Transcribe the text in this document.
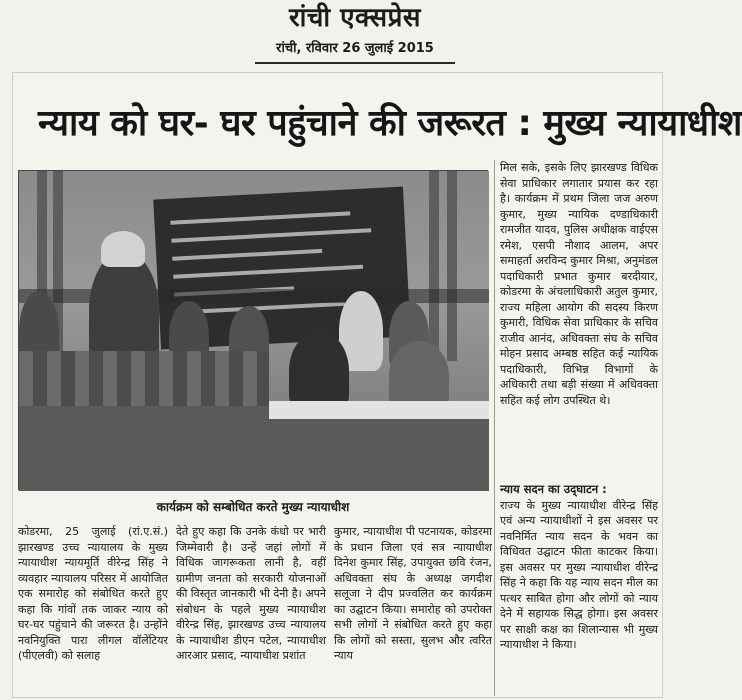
रांची एक्सप्रेस
रांची, रविवार 26 जुलाई 2015
न्याय को घर- घर पहुंचाने की जरूरत : मुख्य न्यायाधीश
कार्यक्रम को सम्बोधित करते मुख्य न्यायाधीश
मिल सके, इसके लिए झारखण्ड विधिक सेवा प्राधिकार लगातार प्रयास कर रहा है। कार्यक्रम में प्रथम जिला जज अरुण कुमार, मुख्य न्यायिक दण्डाधिकारी रामजीत यादव, पुलिस अधीक्षक वाईएस रमेश, एसपी नौशाद आलम, अपर समाहर्ता अरविन्द कुमार मिश्रा, अनुमंडल पदाधिकारी प्रभात कुमार बरदीयार, कोडरमा के अंचलाधिकारी अतुल कुमार, राज्य महिला आयोग की सदस्य किरण कुमारी, विधिक सेवा प्राधिकार के सचिव राजीव आनंद, अधिवक्ता संघ के सचिव मोहन प्रसाद अम्बष्ठ सहित कई न्यायिक पदाधिकारी, विभिन्न विभागों के अधिकारी तथा बड़ी संख्या में अधिवक्ता सहित कई लोग उपस्थित थे।
न्याय सदन का उद्‌घाटन :
राज्य के मुख्य न्यायाधीश वीरेन्द्र सिंह एवं अन्य न्यायाधीशों ने इस अवसर पर नवनिर्मित न्याय सदन के भवन का विधिवत उद्घाटन फीता काटकर किया। इस अवसर पर मुख्य न्यायाधीश वीरेन्द्र सिंह ने कहा कि यह न्याय सदन मील का पत्थर साबित होगा और लोगों को न्याय देने में सहायक सिद्ध होगा। इस अवसर पर साक्षी कक्ष का शिलान्यास भी मुख्य न्यायाधीश ने किया।
कोडरमा, 25 जुलाई (रां.ए.सं.) झारखण्ड उच्च न्यायालय के मुख्य न्यायाधीश न्यायमूर्ति वीरेन्द्र सिंह ने व्यवहार न्यायालय परिसर में आयोजित एक समारोह को संबोधित करते हुए कहा कि गांवों तक जाकर न्याय को घर-घर पहुंचाने की जरूरत है। उन्होंने नवनियुक्ति पारा लीगल वॉलेंटियर (पीएलवी) को सलाह
देते हुए कहा कि उनके कंधो पर भारी जिम्मेवारी है। उन्हें जहां लोगों में विधिक जागरूकता लानी है, वहीं ग्रामीण जनता को सरकारी योजनाओं की विस्तृत जानकारी भी देनी है। अपने संबोधन के पहले मुख्य न्यायाधीश वीरेन्द्र सिंह, झारखण्ड उच्च न्यायालय के न्यायाधीश डीएन पटेल, न्यायाधीश आरआर प्रसाद, न्यायाधीश प्रशांत
कुमार, न्यायाधीश पी पटनायक, कोडरमा के प्रधान जिला एवं सत्र न्यायाधीश दिनेश कुमार सिंह, उपायुक्त छवि रंजन, अधिवक्ता संघ के अध्यक्ष जगदीश सलूजा ने दीप प्रज्वलित कर कार्यक्रम का उद्घाटन किया। समारोह को उपरोक्त सभी लोगों ने संबोधित करते हुए कहा कि लोगों को सस्ता, सुलभ और त्वरित न्याय
